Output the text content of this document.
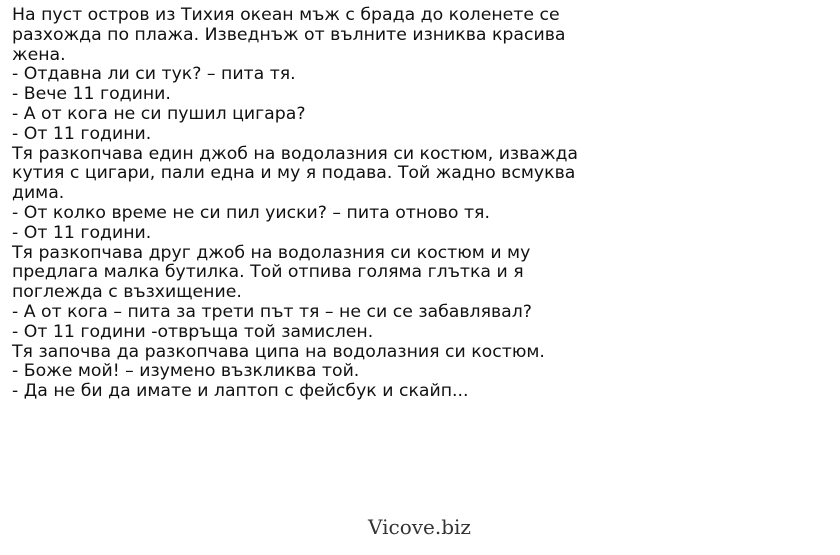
На пуст остров из Тихия океан мъж с брада до коленете се разхожда по плажа. Изведнъж от вълните изниква красива жена.

- Отдавна ли си тук? – пита тя.

- Вече 11 години.

- А от кога не си пушил цигара?

- От 11 години.

Тя разкопчава един джоб на водолазния си костюм, изважда кутия с цигари, пали една и му я подава. Той жадно всмуква дима.

- От колко време не си пил уиски? – пита отново тя.

- От 11 години.

Тя разкопчава друг джоб на водолазния си костюм и му предлага малка бутилка. Той отпива голяма глътка и я поглежда с възхищение.

- А от кога – пита за трети път тя – не си се забавлявал?

- От 11 години -отвръща той замислен.

Тя започва да разкопчава ципа на водолазния си костюм.

- Боже мой! – изумено възкликва той.

- Да не би да имате и лаптоп с фейсбук и скайп...

Vicove.biz
